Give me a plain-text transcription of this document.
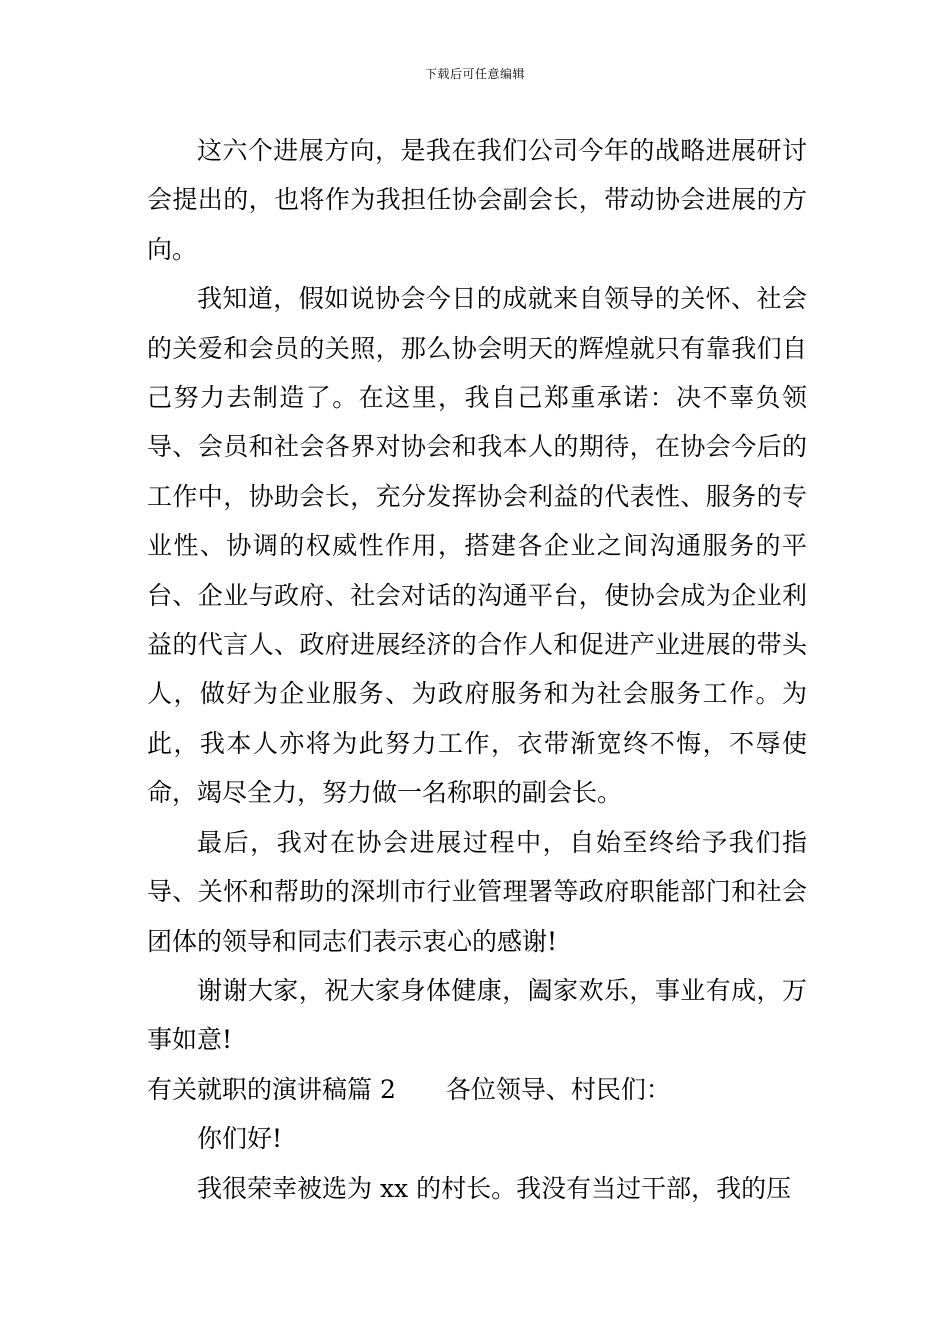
下载后可任意编辑

这六个进展方向，是我在我们公司今年的战略进展研讨会提出的，也将作为我担任协会副会长，带动协会进展的方向。

我知道，假如说协会今日的成就来自领导的关怀、社会的关爱和会员的关照，那么协会明天的辉煌就只有靠我们自己努力去制造了。在这里，我自己郑重承诺：决不辜负领导、会员和社会各界对协会和我本人的期待，在协会今后的工作中，协助会长，充分发挥协会利益的代表性、服务的专业性、协调的权威性作用，搭建各企业之间沟通服务的平台、企业与政府、社会对话的沟通平台，使协会成为企业利益的代言人、政府进展经济的合作人和促进产业进展的带头人，做好为企业服务、为政府服务和为社会服务工作。为此，我本人亦将为此努力工作，衣带渐宽终不悔，不辱使命，竭尽全力，努力做一名称职的副会长。

最后，我对在协会进展过程中，自始至终给予我们指导、关怀和帮助的深圳市行业管理署等政府职能部门和社会团体的领导和同志们表示衷心的感谢!

谢谢大家，祝大家身体健康，阖家欢乐，事业有成，万事如意!

有关就职的演讲稿篇 2 各位领导、村民们：

你们好!

我很荣幸被选为 xx 的村长。我没有当过干部，我的压
